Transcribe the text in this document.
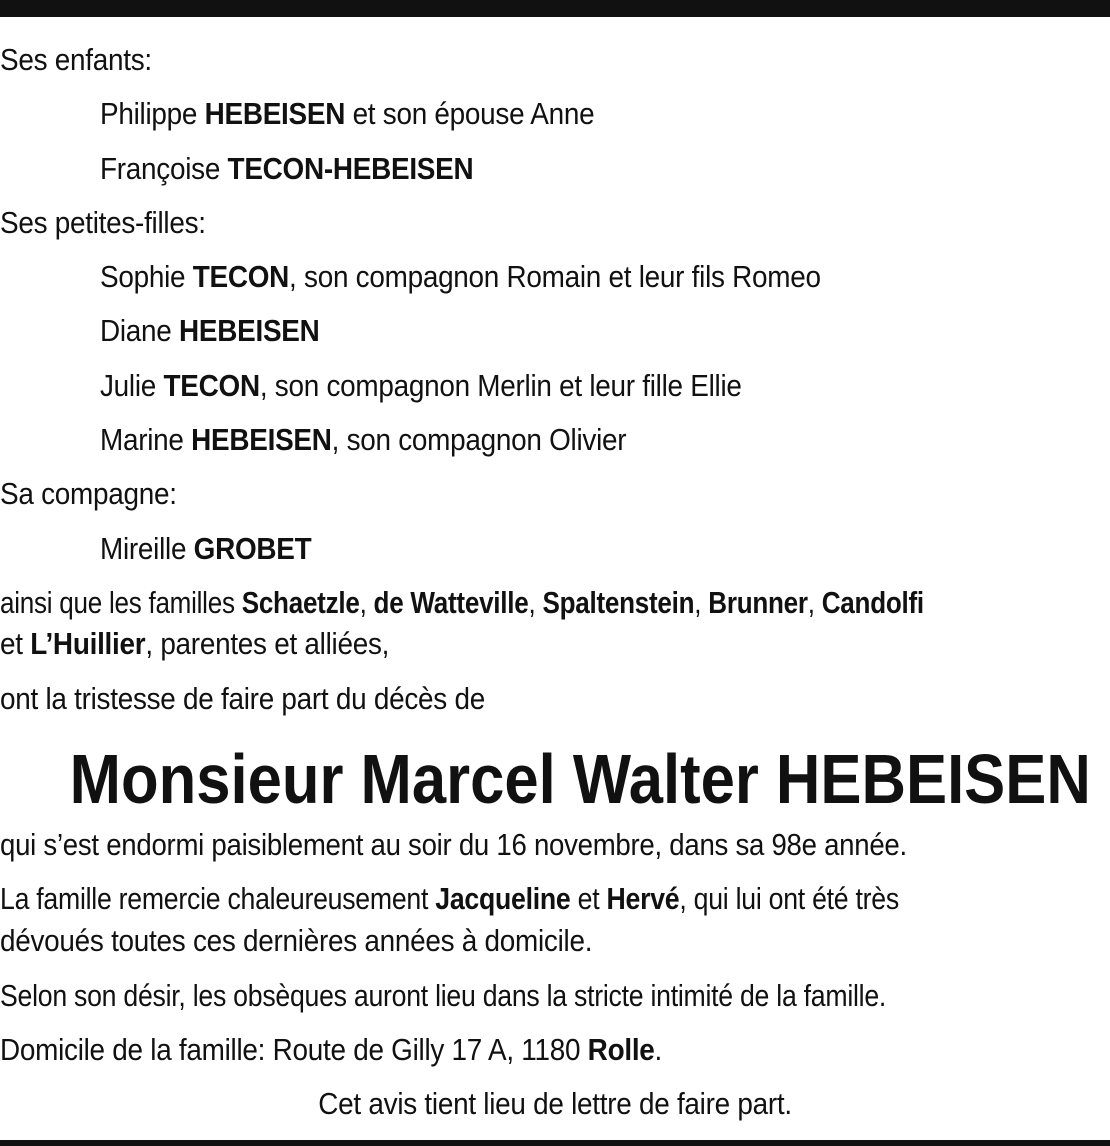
Ses enfants:
Philippe HEBEISEN et son épouse Anne
Françoise TECON-HEBEISEN
Ses petites-filles:
Sophie TECON, son compagnon Romain et leur fils Romeo
Diane HEBEISEN
Julie TECON, son compagnon Merlin et leur fille Ellie
Marine HEBEISEN, son compagnon Olivier
Sa compagne:
Mireille GROBET
ainsi que les familles Schaetzle, de Watteville, Spaltenstein, Brunner, Candolfi
et L’Huillier, parentes et alliées,
ont la tristesse de faire part du décès de
Monsieur Marcel Walter HEBEISEN
qui s’est endormi paisiblement au soir du 16 novembre, dans sa 98e année.
La famille remercie chaleureusement Jacqueline et Hervé, qui lui ont été très
dévoués toutes ces dernières années à domicile.
Selon son désir, les obsèques auront lieu dans la stricte intimité de la famille.
Domicile de la famille: Route de Gilly 17 A, 1180 Rolle.
Cet avis tient lieu de lettre de faire part.
